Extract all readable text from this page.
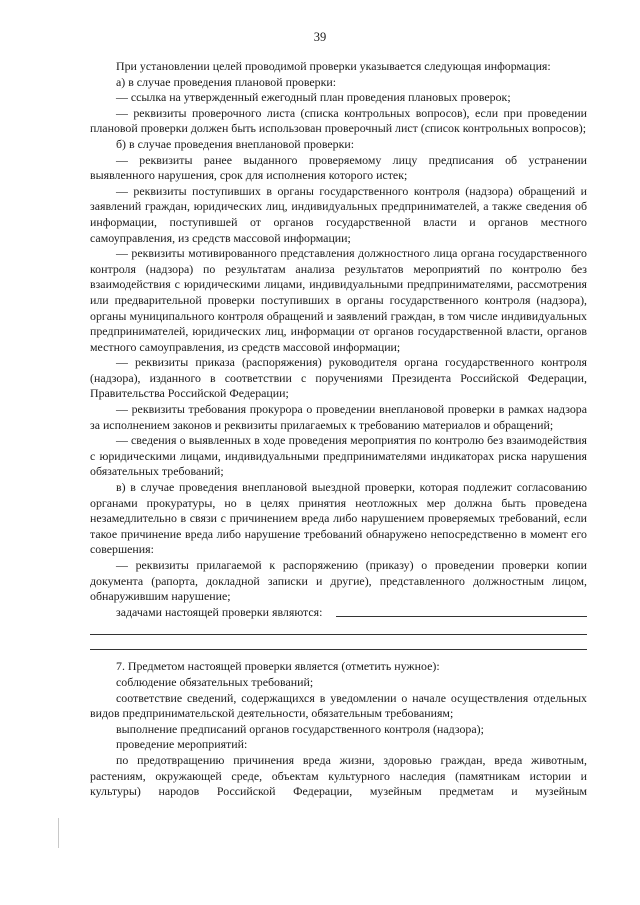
39

При установлении целей проводимой проверки указывается следующая информация:

а) в случае проведения плановой проверки:

— ссылка на утвержденный ежегодный план проведения плановых проверок;

— реквизиты проверочного листа (списка контрольных вопросов), если при проведении плановой проверки должен быть использован проверочный лист (список контрольных вопросов);

б) в случае проведения внеплановой проверки:

— реквизиты ранее выданного проверяемому лицу предписания об устранении выявленного нарушения, срок для исполнения которого истек;

— реквизиты поступивших в органы государственного контроля (надзора) обращений и заявлений граждан, юридических лиц, индивидуальных предпринимателей, а также сведения об информации, поступившей от органов государственной власти и органов местного самоуправления, из средств массовой информации;

— реквизиты мотивированного представления должностного лица органа государственного контроля (надзора) по результатам анализа результатов мероприятий по контролю без взаимодействия с юридическими лицами, индивидуальными предпринимателями, рассмотрения или предварительной проверки поступивших в органы государственного контроля (надзора), органы муниципального контроля обращений и заявлений граждан, в том числе индивидуальных предпринимателей, юридических лиц, информации от органов государственной власти, органов местного самоуправления, из средств массовой информации;

— реквизиты приказа (распоряжения) руководителя органа государственного контроля (надзора), изданного в соответствии с поручениями Президента Российской Федерации, Правительства Российской Федерации;

— реквизиты требования прокурора о проведении внеплановой проверки в рамках надзора за исполнением законов и реквизиты прилагаемых к требованию материалов и обращений;

— сведения о выявленных в ходе проведения мероприятия по контролю без взаимодействия с юридическими лицами, индивидуальными предпринимателями индикаторах риска нарушения обязательных требований;

в) в случае проведения внеплановой выездной проверки, которая подлежит согласованию органами прокуратуры, но в целях принятия неотложных мер должна быть проведена незамедлительно в связи с причинением вреда либо нарушением проверяемых требований, если такое причинение вреда либо нарушение требований обнаружено непосредственно в момент его совершения:

— реквизиты прилагаемой к распоряжению (приказу) о проведении проверки копии документа (рапорта, докладной записки и другие), представленного должностным лицом, обнаружившим нарушение;

задачами настоящей проверки являются:

7. Предметом настоящей проверки является (отметить нужное):

соблюдение обязательных требований;

соответствие сведений, содержащихся в уведомлении о начале осуществления отдельных видов предпринимательской деятельности, обязательным требованиям;

выполнение предписаний органов государственного контроля (надзора);

проведение мероприятий:

по предотвращению причинения вреда жизни, здоровью граждан, вреда животным, растениям, окружающей среде, объектам культурного наследия (памятникам истории и культуры) народов Российской Федерации, музейным предметам и музейным
